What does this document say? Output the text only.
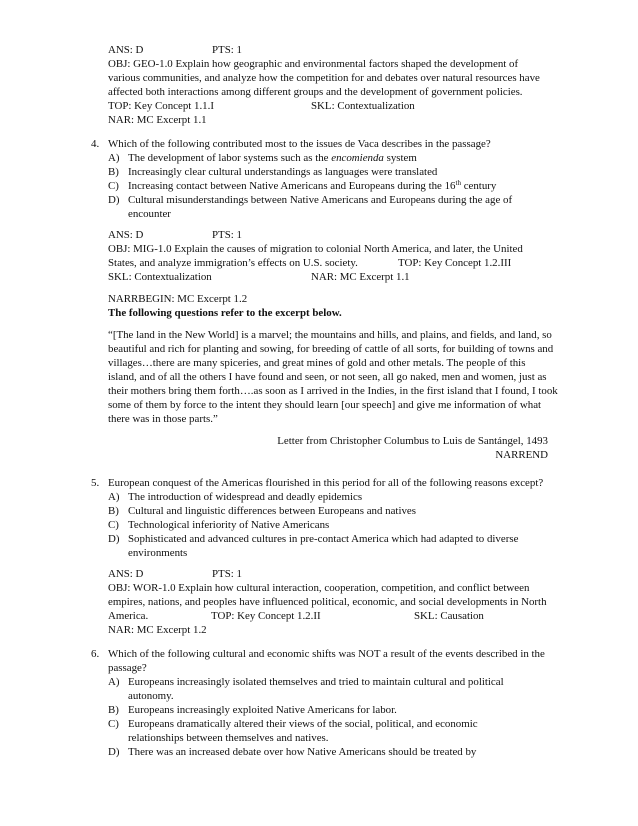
ANS: D	PTS: 1
OBJ: GEO-1.0 Explain how geographic and environmental factors shaped the development of
various communities, and analyze how the competition for and debates over natural resources have
affected both interactions among different groups and the development of government policies.
TOP: Key Concept 1.1.I	SKL: Contextualization
NAR: MC Excerpt 1.1
4. Which of the following contributed most to the issues de Vaca describes in the passage?
A) The development of labor systems such as the encomienda system
B) Increasingly clear cultural understandings as languages were translated
C) Increasing contact between Native Americans and Europeans during the 16th century
D) Cultural misunderstandings between Native Americans and Europeans during the age of
encounter
ANS: D	PTS: 1
OBJ: MIG-1.0 Explain the causes of migration to colonial North America, and later, the United
States, and analyze immigration’s effects on U.S. society.	TOP: Key Concept 1.2.III
SKL: Contextualization	NAR: MC Excerpt 1.1
NARRBEGIN: MC Excerpt 1.2
The following questions refer to the excerpt below.
“[The land in the New World] is a marvel; the mountains and hills, and plains, and fields, and land, so
beautiful and rich for planting and sowing, for breeding of cattle of all sorts, for building of towns and
villages…there are many spiceries, and great mines of gold and other metals. The people of this
island, and of all the others I have found and seen, or not seen, all go naked, men and women, just as
their mothers bring them forth….as soon as I arrived in the Indies, in the first island that I found, I took
some of them by force to the intent they should learn [our speech] and give me information of what
there was in those parts.”
Letter from Christopher Columbus to Luis de Santángel, 1493
NARREND
5. European conquest of the Americas flourished in this period for all of the following reasons except?
A) The introduction of widespread and deadly epidemics
B) Cultural and linguistic differences between Europeans and natives
C) Technological inferiority of Native Americans
D) Sophisticated and advanced cultures in pre-contact America which had adapted to diverse
environments
ANS: D	PTS: 1
OBJ: WOR-1.0 Explain how cultural interaction, cooperation, competition, and conflict between
empires, nations, and peoples have influenced political, economic, and social developments in North
America.	TOP: Key Concept 1.2.II	SKL: Causation
NAR: MC Excerpt 1.2
6. Which of the following cultural and economic shifts was NOT a result of the events described in the
passage?
A) Europeans increasingly isolated themselves and tried to maintain cultural and political
autonomy.
B) Europeans increasingly exploited Native Americans for labor.
C) Europeans dramatically altered their views of the social, political, and economic
relationships between themselves and natives.
D) There was an increased debate over how Native Americans should be treated by
